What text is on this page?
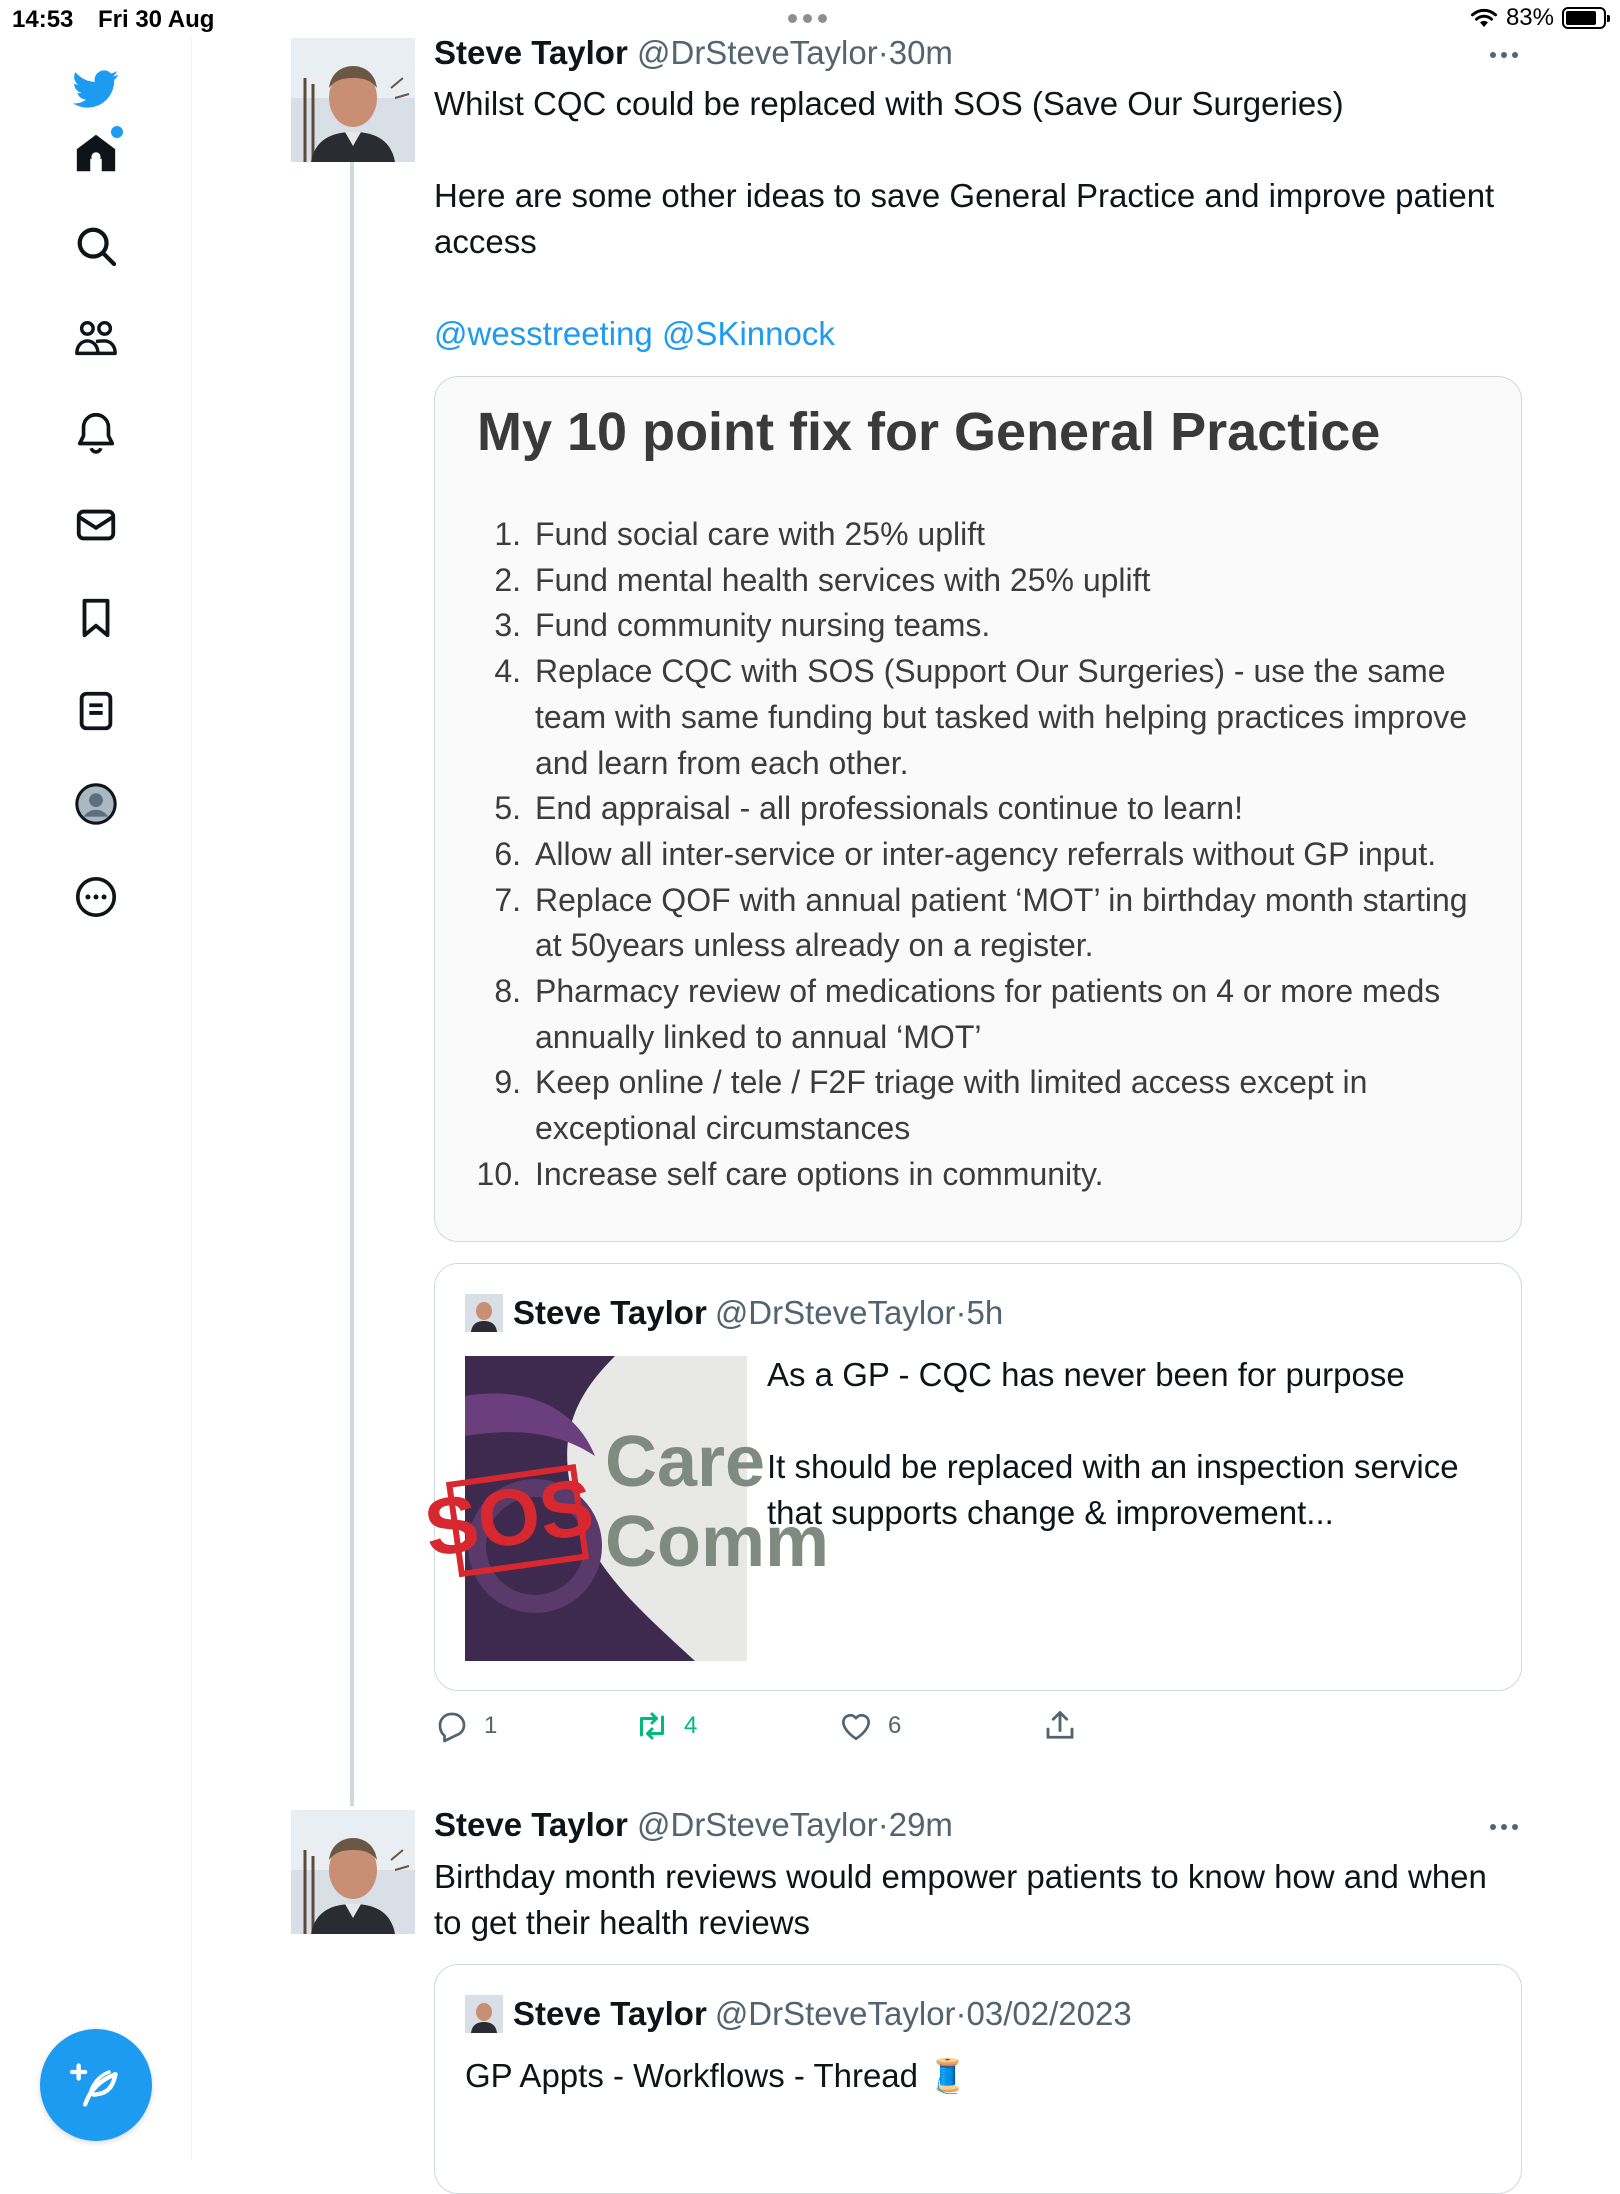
14:53 Fri 30 Aug	83%
Steve Taylor @DrSteveTaylor·30m

Whilst CQC could be replaced with SOS (Save Our Surgeries)

Here are some other ideas to save General Practice and improve patient access

@wesstreeting @SKinnock
My 10 point fix for General Practice
1. Fund social care with 25% uplift
2. Fund mental health services with 25% uplift
3. Fund community nursing teams.
4. Replace CQC with SOS (Support Our Surgeries) - use the same team with same funding but tasked with helping practices improve and learn from each other.
5. End appraisal - all professionals continue to learn!
6. Allow all inter-service or inter-agency referrals without GP input.
7. Replace QOF with annual patient ‘MOT’ in birthday month starting at 50years unless already on a register.
8. Pharmacy review of medications for patients on 4 or more meds annually linked to annual ‘MOT’
9. Keep online / tele / F2F triage with limited access except in exceptional circumstances
10. Increase self care options in community.
Steve Taylor @DrSteveTaylor · 5h
Care
Comm
SOS

As a GP - CQC has never been for purpose

It should be replaced with an inspection service that supports change & improvement...

1	4	6
Steve Taylor @DrSteveTaylor·29m

Birthday month reviews would empower patients to know how and when to get their health reviews

Steve Taylor @DrSteveTaylor · 03/02/2023

GP Appts - Workflows - Thread 🧵
